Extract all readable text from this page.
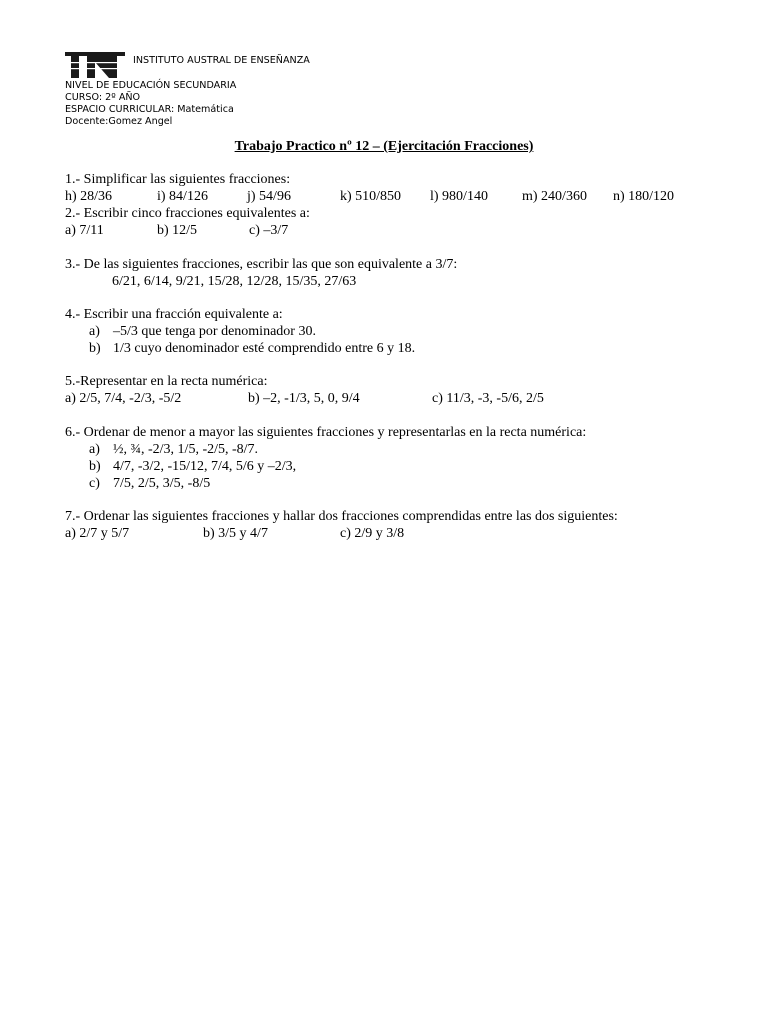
INSTITUTO AUSTRAL DE ENSEÑANZA
NIVEL DE EDUCACIÓN SECUNDARIA
CURSO: 2º AÑO
ESPACIO CURRICULAR: Matemática
Docente:Gomez Angel
Trabajo Practico nº 12 – (Ejercitación Fracciones)
1.- Simplificar las siguientes fracciones:
h) 28/36	i) 84/126	j) 54/96	k) 510/850 l) 980/140 m) 240/360 n) 180/120
2.- Escribir cinco fracciones equivalentes a:
a) 7/11	b) 12/5	c) –3/7
3.- De las siguientes fracciones, escribir las que son equivalente a 3/7:
6/21, 6/14, 9/21, 15/28, 12/28, 15/35, 27/63
4.- Escribir una fracción equivalente a:
a) –5/3 que tenga por denominador 30.
b) 1/3 cuyo denominador esté comprendido entre 6 y 18.
5.-Representar en la recta numérica:
a) 2/5, 7/4, -2/3, -5/2	b) –2, -1/3, 5, 0, 9/4	c) 11/3, -3, -5/6, 2/5
6.- Ordenar de menor a mayor las siguientes fracciones y representarlas en la recta numérica:
a) ½, ¾, -2/3, 1/5, -2/5, -8/7.
b) 4/7, -3/2, -15/12, 7/4, 5/6 y –2/3,
c) 7/5, 2/5, 3/5, -8/5
7.- Ordenar las siguientes fracciones y hallar dos fracciones comprendidas entre las dos siguientes:
a) 2/7 y 5/7	b) 3/5 y 4/7	c) 2/9 y 3/8
